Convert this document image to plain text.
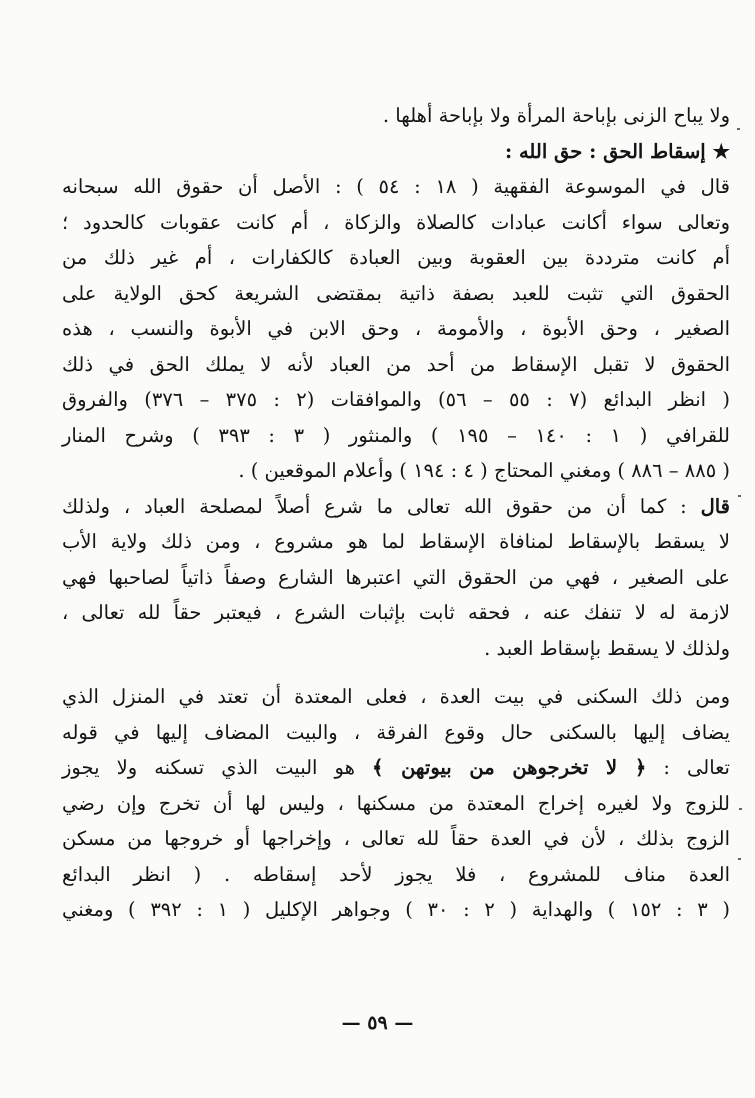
ولا يباح الزنى بإباحة المرأة ولا بإباحة أهلها .
★ إسقاط الحق : حق الله :
قال في الموسوعة الفقهية ( ١٨ : ٥٤ ) : الأصل أن حقوق الله سبحانه
وتعالى سواء أكانت عبادات كالصلاة والزكاة ، أم كانت عقوبات كالحدود ؛
أم كانت مترددة بين العقوبة وبين العبادة كالكفارات ، أم غير ذلك من
الحقوق التي تثبت للعبد بصفة ذاتية بمقتضى الشريعة كحق الولاية على
الصغير ، وحق الأبوة ، والأمومة ، وحق الابن في الأبوة والنسب ، هذه
الحقوق لا تقبل الإسقاط من أحد من العباد لأنه لا يملك الحق في ذلك
( انظر البدائع (٧ : ٥٥ – ٥٦) والموافقات (٢ : ٣٧٥ – ٣٧٦) والفروق
للقرافي ( ١ : ١٤٠ – ١٩٥ ) والمنثور ( ٣ : ٣٩٣ ) وشرح المنار
( ٨٨٥ – ٨٨٦ ) ومغني المحتاج ( ٤ : ١٩٤ ) وأعلام الموقعين ) .
قال : كما أن من حقوق الله تعالى ما شرع أصلاً لمصلحة العباد ، ولذلك
لا يسقط بالإسقاط لمنافاة الإسقاط لما هو مشروع ، ومن ذلك ولاية الأب
على الصغير ، فهي من الحقوق التي اعتبرها الشارع وصفاً ذاتياً لصاحبها فهي
لازمة له لا تنفك عنه ، فحقه ثابت بإثبات الشرع ، فيعتبر حقاً لله تعالى ،
ولذلك لا يسقط بإسقاط العبد .
ومن ذلك السكنى في بيت العدة ، فعلى المعتدة أن تعتد في المنزل الذي
يضاف إليها بالسكنى حال وقوع الفرقة ، والبيت المضاف إليها في قوله
تعالى : ﴿ لا تخرجوهن من بيوتهن ﴾ هو البيت الذي تسكنه ولا يجوز
للزوج ولا لغيره إخراج المعتدة من مسكنها ، وليس لها أن تخرج وإن رضي
الزوج بذلك ، لأن في العدة حقاً لله تعالى ، وإخراجها أو خروجها من مسكن
العدة مناف للمشروع ، فلا يجوز لأحد إسقاطه . ( انظر البدائع
( ٣ : ١٥٢ ) والهداية ( ٢ : ٣٠ ) وجواهر الإكليل ( ١ : ٣٩٢ ) ومغني
— ٥٩ —
